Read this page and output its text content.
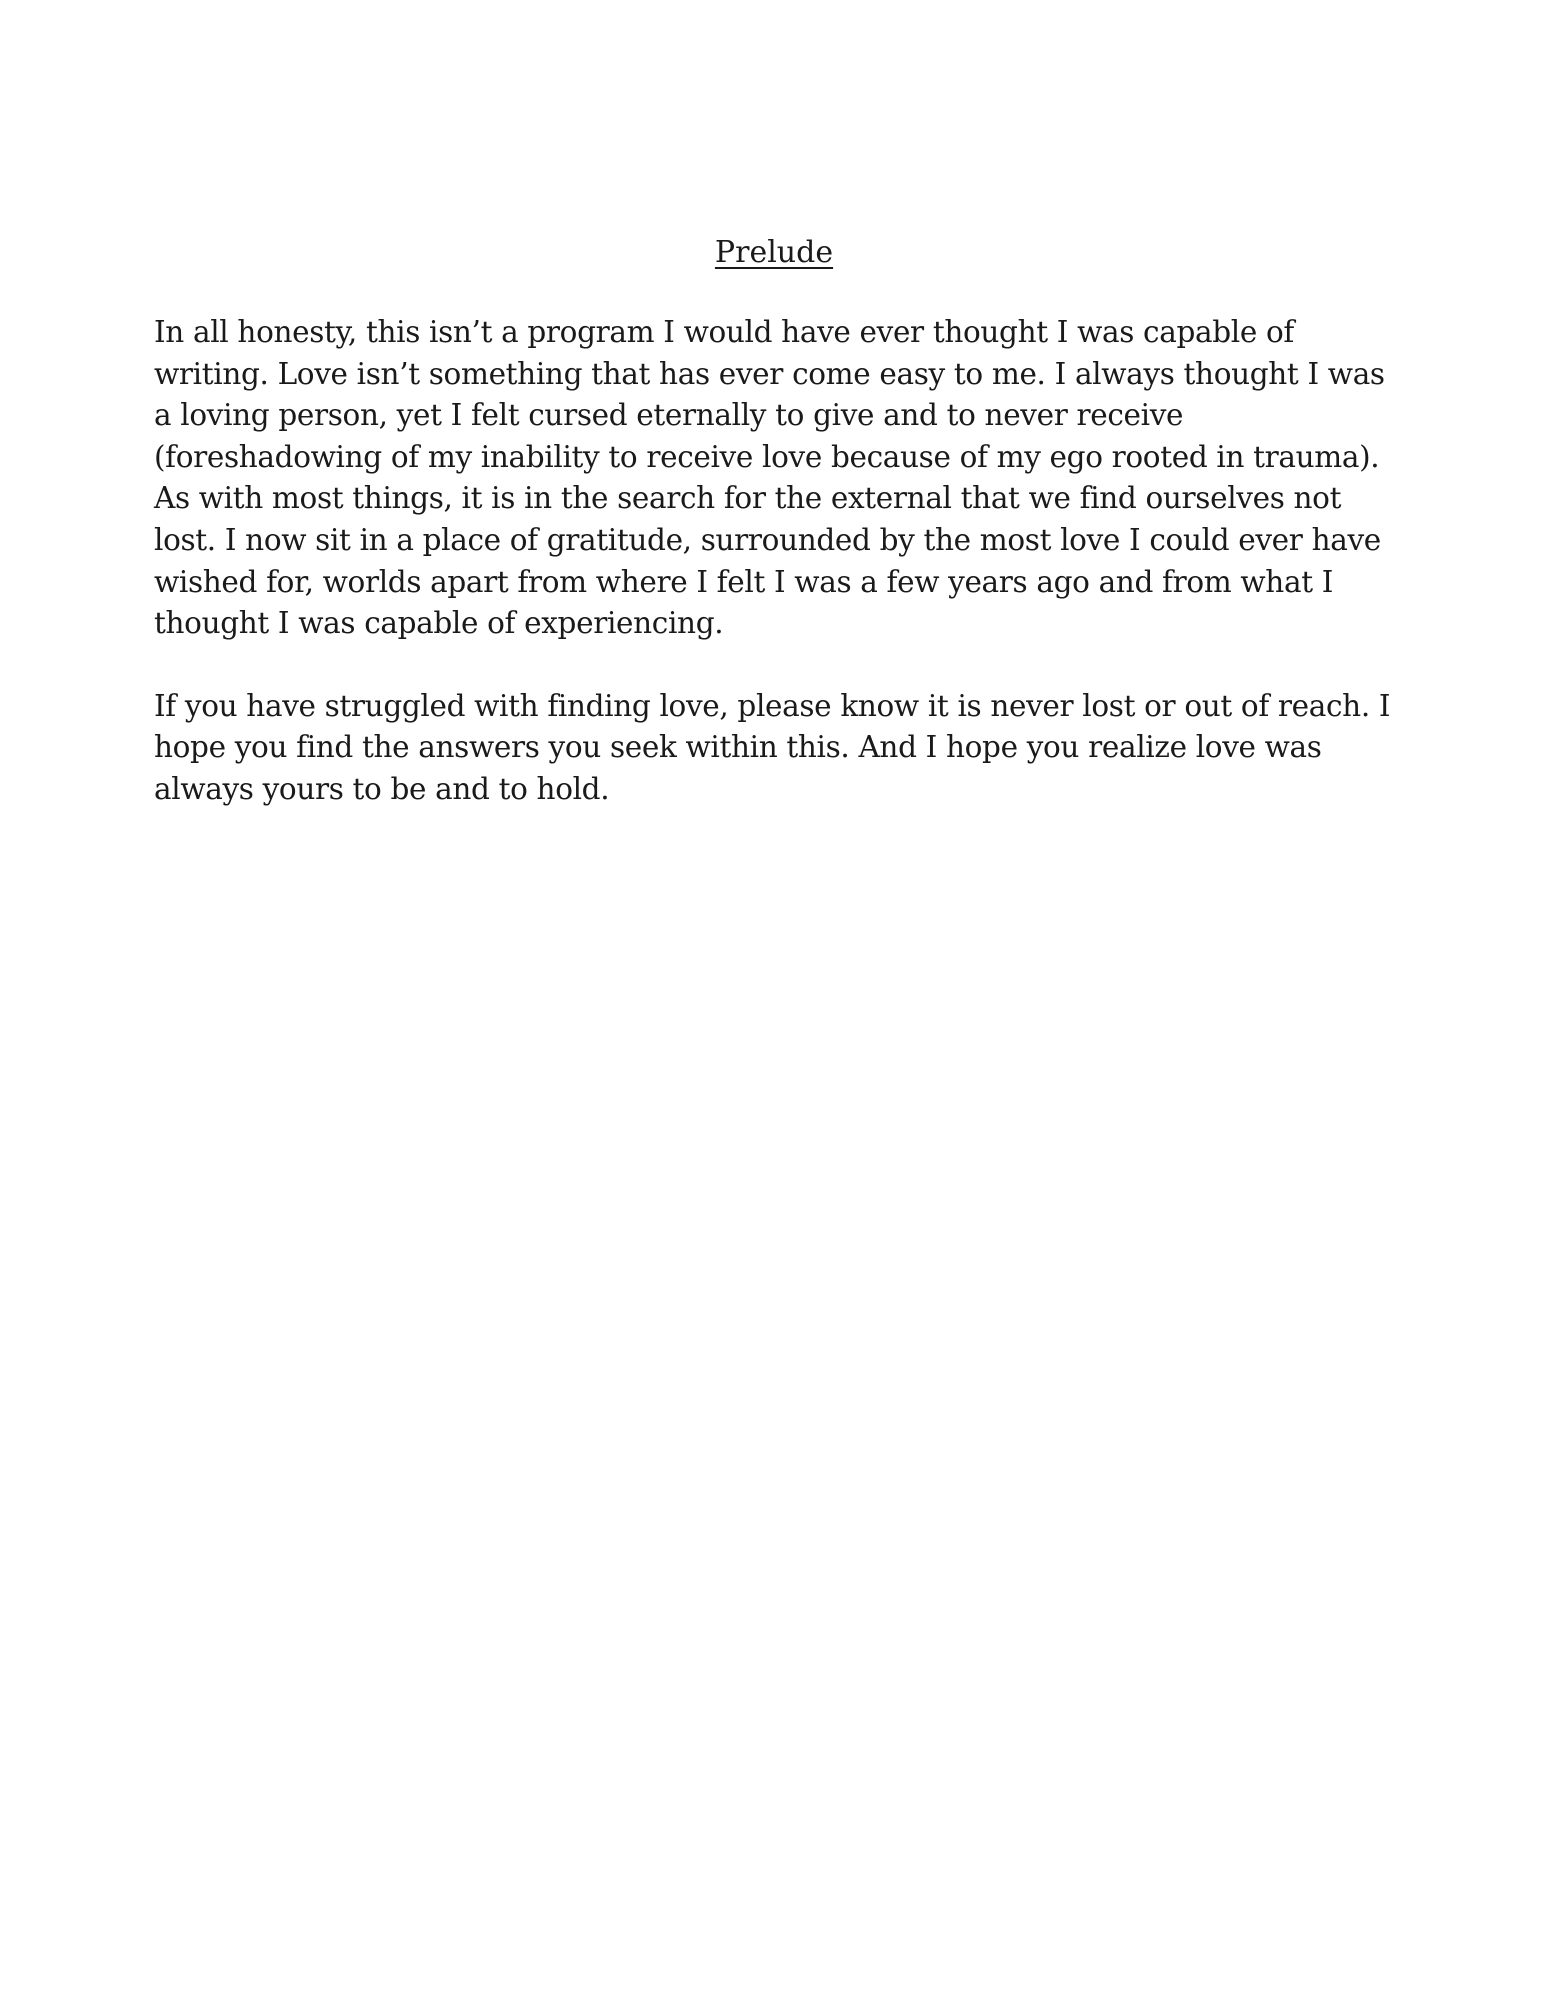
Prelude

In all honesty, this isn’t a program I would have ever thought I was capable of writing. Love isn’t something that has ever come easy to me. I always thought I was a loving person, yet I felt cursed eternally to give and to never receive (foreshadowing of my inability to receive love because of my ego rooted in trauma). As with most things, it is in the search for the external that we find ourselves not lost. I now sit in a place of gratitude, surrounded by the most love I could ever have wished for, worlds apart from where I felt I was a few years ago and from what I thought I was capable of experiencing.

If you have struggled with finding love, please know it is never lost or out of reach. I hope you find the answers you seek within this. And I hope you realize love was always yours to be and to hold.
